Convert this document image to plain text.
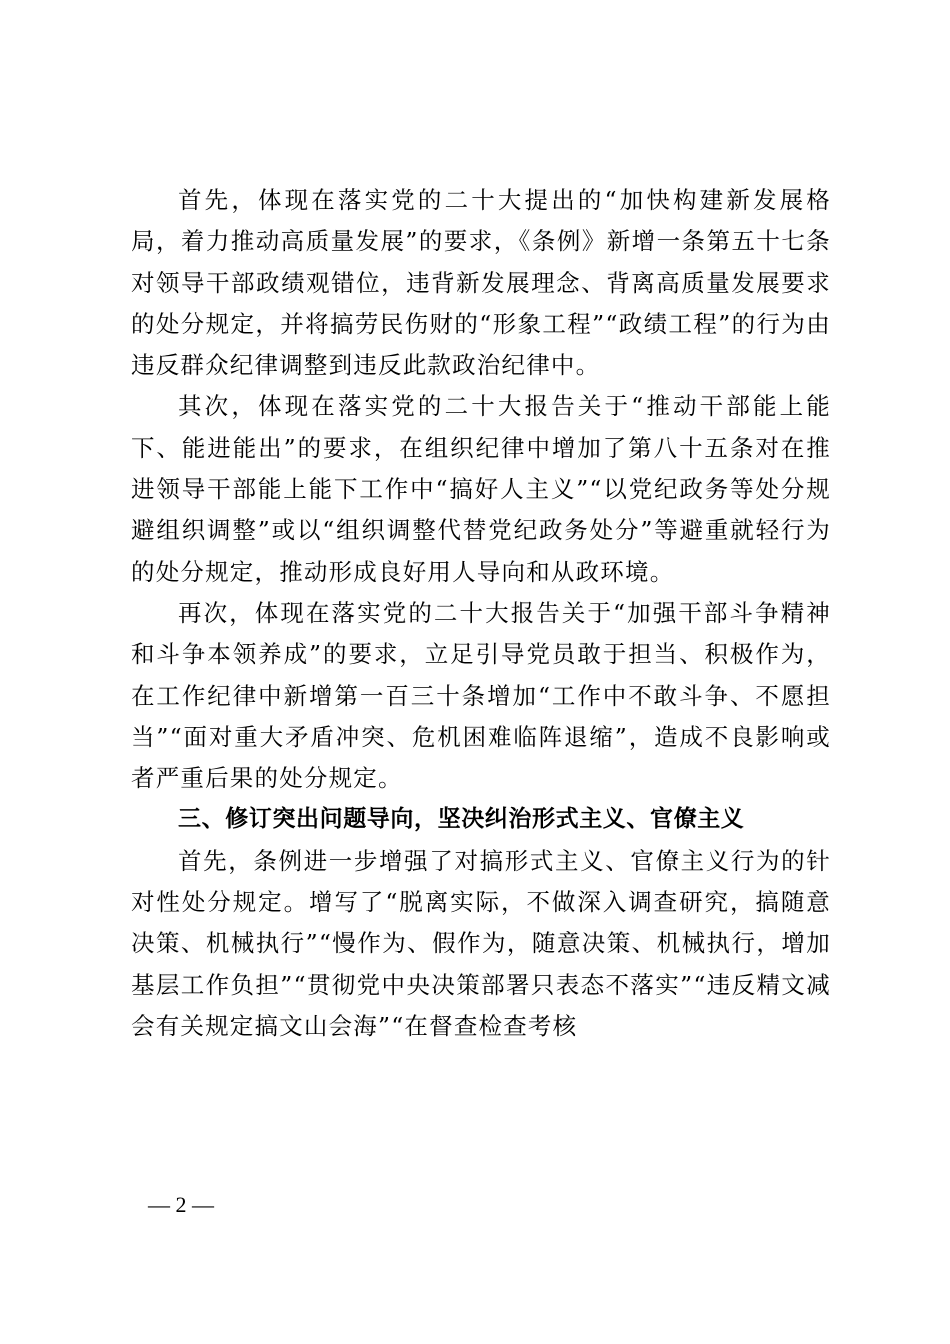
首先，体现在落实党的二十大提出的“加快构建新发展格局，着力推动高质量发展”的要求，《条例》新增一条第五十七条对领导干部政绩观错位，违背新发展理念、背离高质量发展要求的处分规定，并将搞劳民伤财的“形象工程”“政绩工程”的行为由违反群众纪律调整到违反此款政治纪律中。

其次，体现在落实党的二十大报告关于“推动干部能上能下、能进能出”的要求，在组织纪律中增加了第八十五条对在推进领导干部能上能下工作中“搞好人主义”“以党纪政务等处分规避组织调整”或以“组织调整代替党纪政务处分”等避重就轻行为的处分规定，推动形成良好用人导向和从政环境。

再次，体现在落实党的二十大报告关于“加强干部斗争精神和斗争本领养成”的要求，立足引导党员敢于担当、积极作为，在工作纪律中新增第一百三十条增加“工作中不敢斗争、不愿担当”“面对重大矛盾冲突、危机困难临阵退缩”，造成不良影响或者严重后果的处分规定。

三、修订突出问题导向，坚决纠治形式主义、官僚主义

首先，条例进一步增强了对搞形式主义、官僚主义行为的针对性处分规定。增写了“脱离实际，不做深入调查研究，搞随意决策、机械执行”“慢作为、假作为，随意决策、机械执行，增加基层工作负担”“贯彻党中央决策部署只表态不落实”“违反精文减会有关规定搞文山会海”“在督查检查考核

— 2 —
